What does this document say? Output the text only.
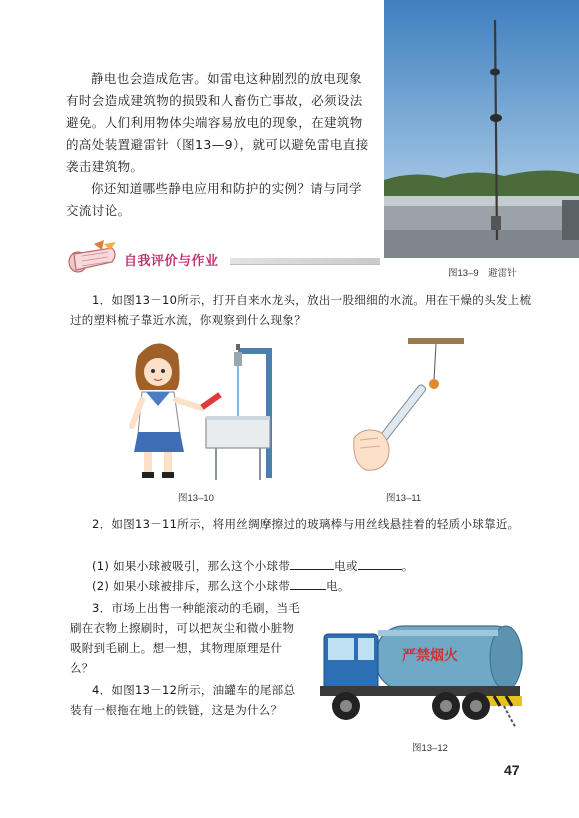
静电也会造成危害。如雷电这种剧烈的放电现象有时会造成建筑物的损毁和人畜伤亡事故，必须设法避免。人们利用物体尖端容易放电的现象，在建筑物的高处装置避雷针（图13—9），就可以避免雷电直接袭击建筑物。
你还知道哪些静电应用和防护的实例？请与同学交流讨论。
自我评价与作业
图13–9　避雷针
1．如图13－10所示，打开自来水龙头，放出一股细细的水流。用在干燥的头发上梳过的塑料梳子靠近水流，你观察到什么现象？
图13–10	图13–11
2．如图13－11所示，将用丝绸摩擦过的玻璃棒与用丝线悬挂着的轻质小球靠近。
(1) 如果小球被吸引，那么这个小球带	电或	。
(2) 如果小球被排斥，那么这个小球带	电。
3．市场上出售一种能滚动的毛刷，当毛刷在衣物上擦刷时，可以把灰尘和微小脏物吸附到毛刷上。想一想，其物理原理是什么？
4．如图13－12所示，油罐车的尾部总装有一根拖在地上的铁链，这是为什么？
严禁烟火
图13–12
47
